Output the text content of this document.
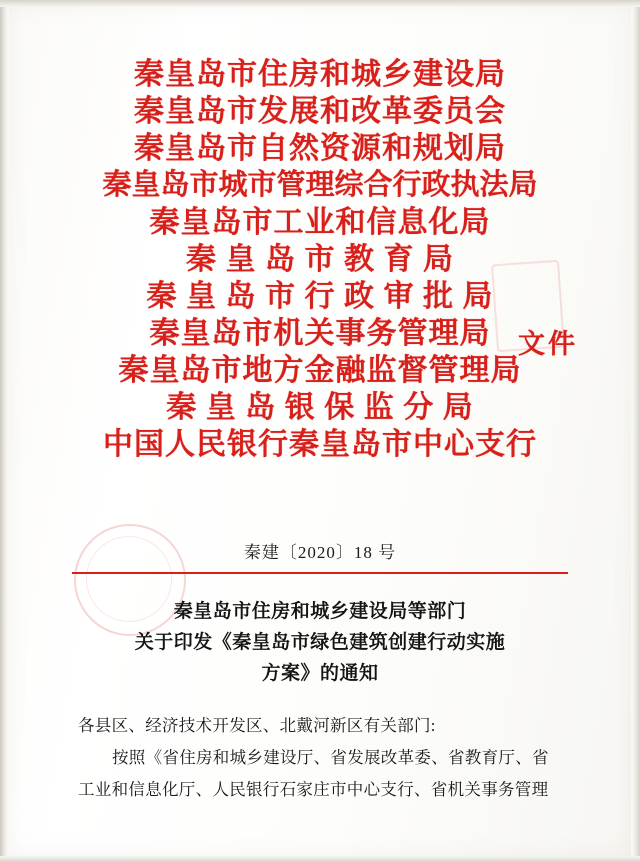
秦皇岛市住房和城乡建设局
秦皇岛市发展和改革委员会
秦皇岛市自然资源和规划局
秦皇岛市城市管理综合行政执法局
秦皇岛市工业和信息化局
秦 皇 岛 市 教 育 局
秦 皇 岛 市 行 政 审 批 局
秦皇岛市机关事务管理局
秦皇岛市地方金融监督管理局
秦 皇 岛 银 保 监 分 局
中国人民银行秦皇岛市中心支行
文件
秦建〔2020〕18 号
秦皇岛市住房和城乡建设局等部门
关于印发《秦皇岛市绿色建筑创建行动实施
方案》的通知
各县区、经济技术开发区、北戴河新区有关部门:
按照《省住房和城乡建设厅、省发展改革委、省教育厅、省
工业和信息化厅、人民银行石家庄市中心支行、省机关事务管理
